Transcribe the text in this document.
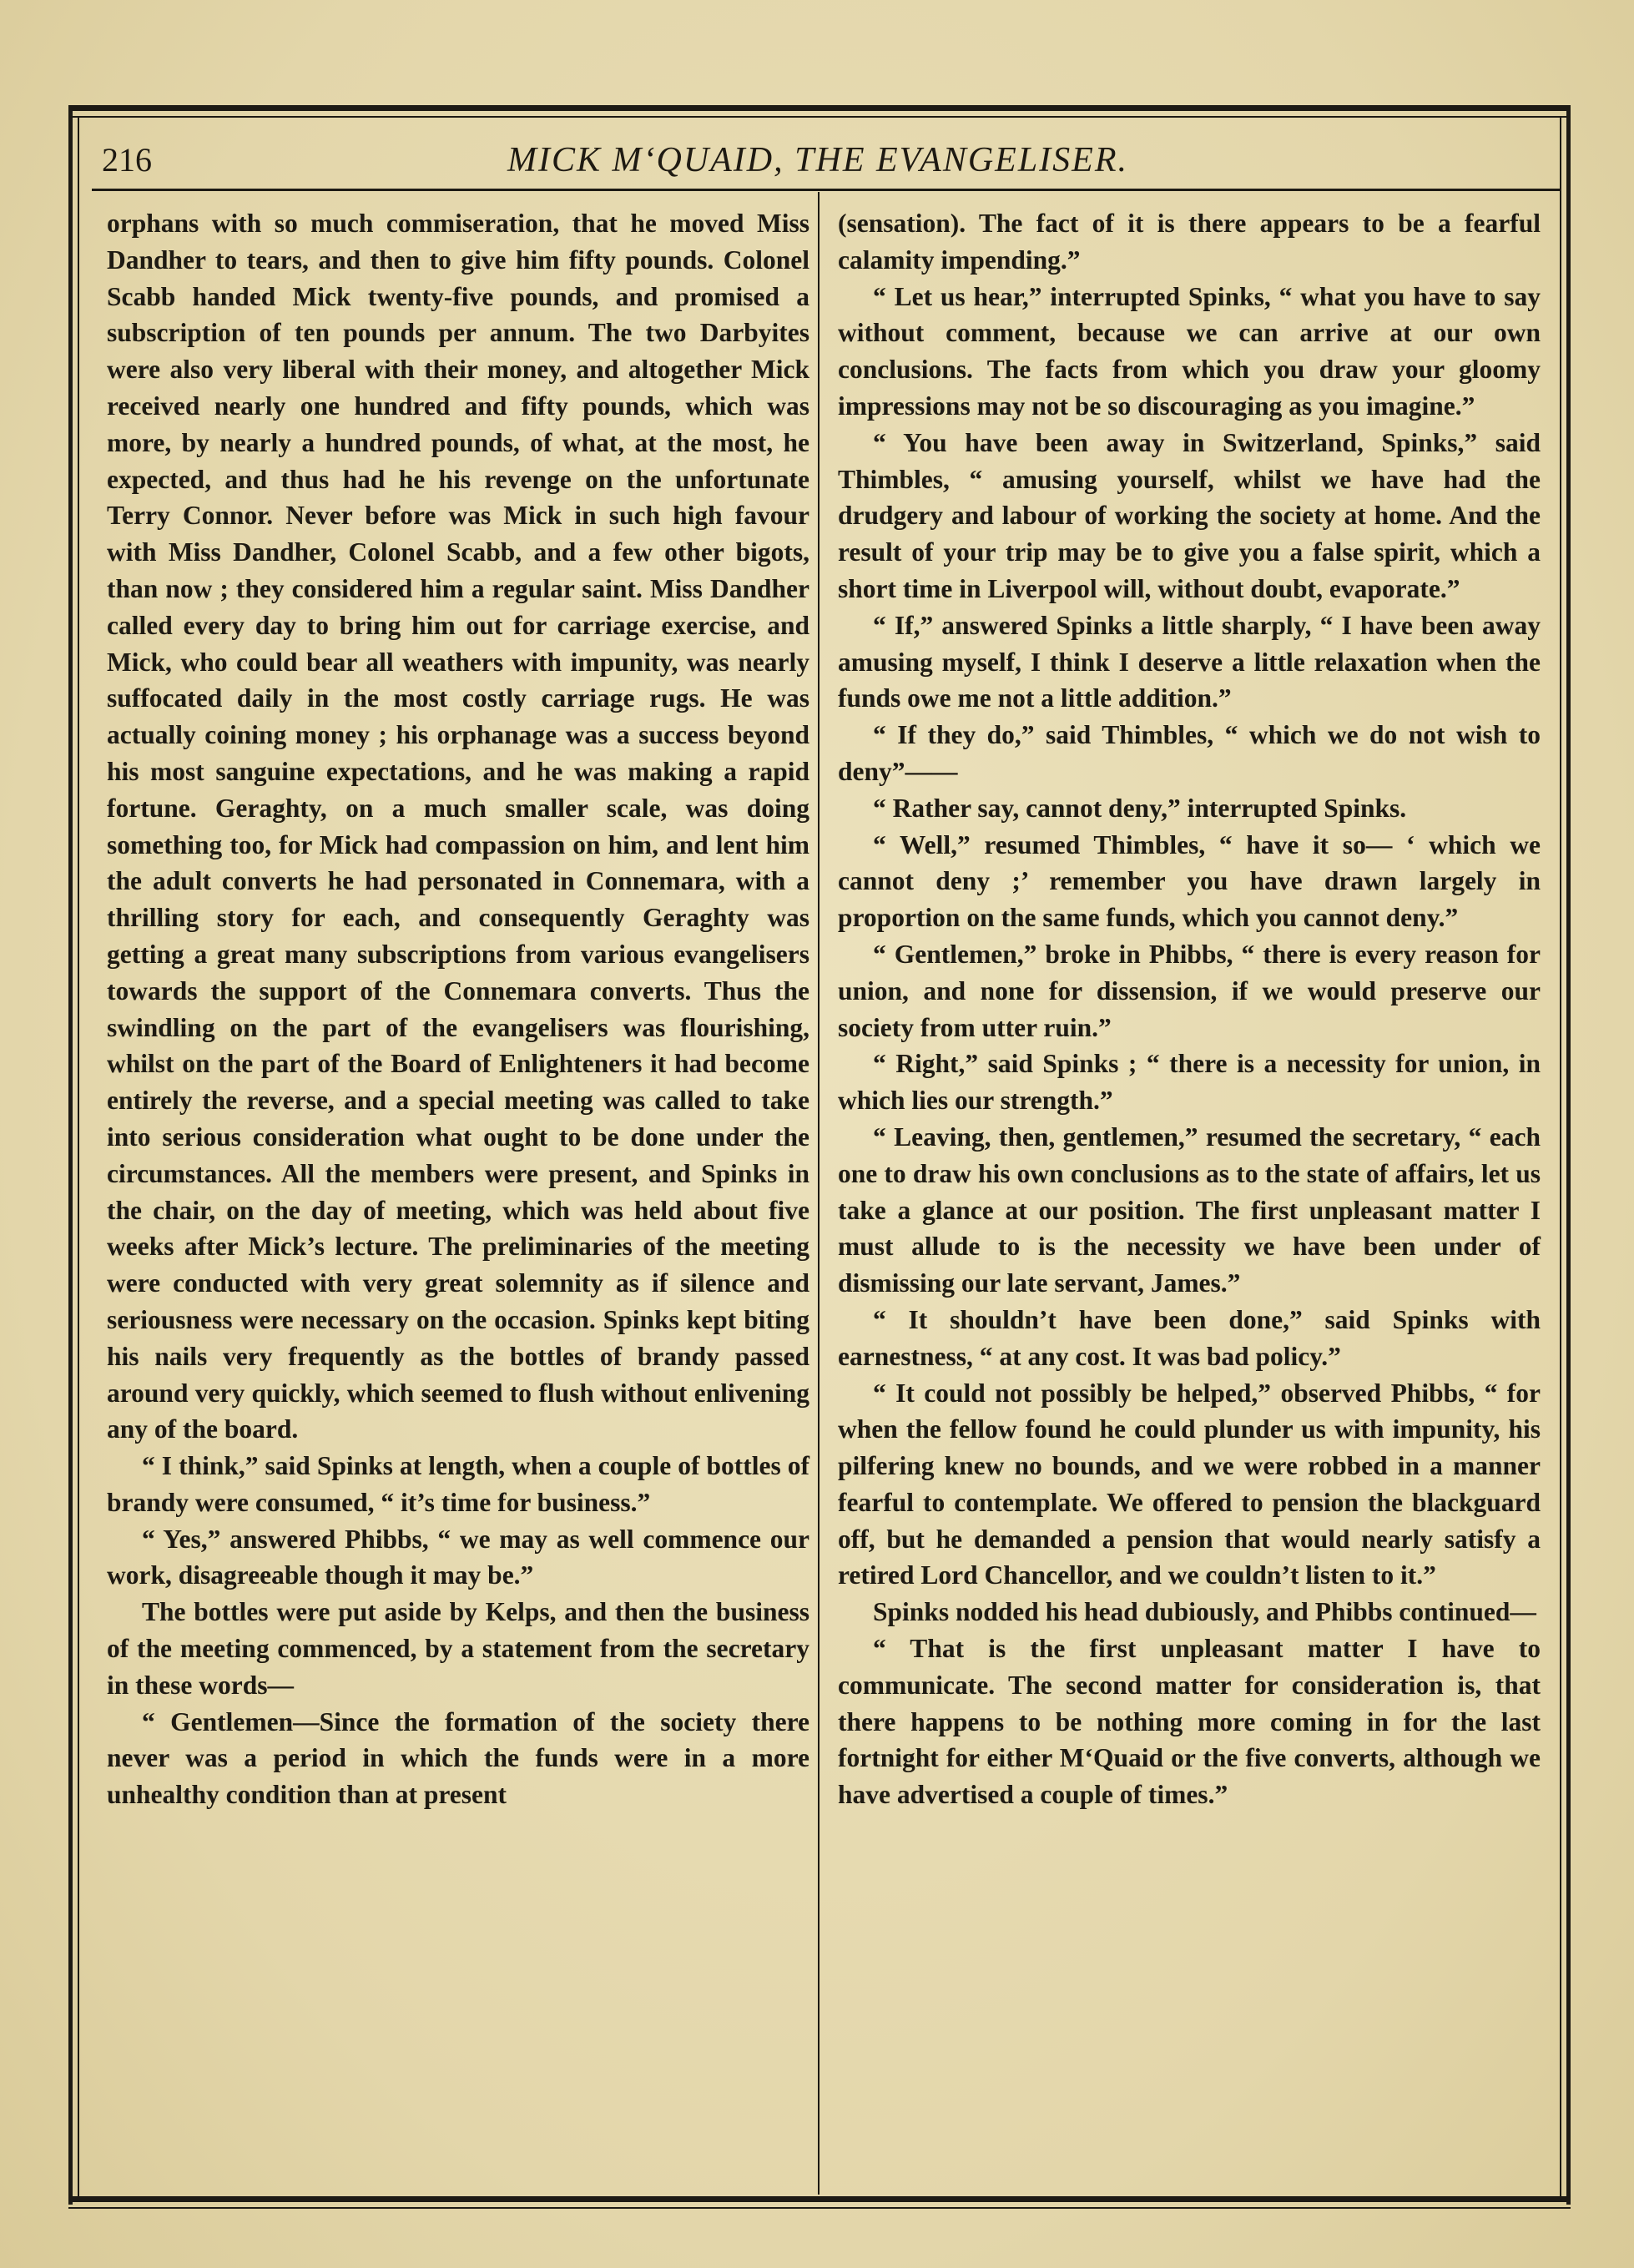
216	MICK M‘QUAID, THE EVANGELISER.

orphans with so much commiseration, that he moved Miss Dandher to tears, and then to give him fifty pounds. Colonel Scabb handed Mick twenty-five pounds, and promised a subscription of ten pounds per annum. The two Darbyites were also very liberal with their money, and altogether Mick received nearly one hundred and fifty pounds, which was more, by nearly a hundred pounds, of what, at the most, he expected, and thus had he his revenge on the unfortunate Terry Connor. Never before was Mick in such high favour with Miss Dandher, Colonel Scabb, and a few other bigots, than now ; they considered him a regular saint. Miss Dandher called every day to bring him out for carriage exercise, and Mick, who could bear all weathers with impunity, was nearly suffocated daily in the most costly carriage rugs. He was actually coining money ; his orphanage was a success beyond his most sanguine expectations, and he was making a rapid fortune. Geraghty, on a much smaller scale, was doing something too, for Mick had compassion on him, and lent him the adult converts he had personated in Connemara, with a thrilling story for each, and consequently Geraghty was getting a great many subscriptions from various evangelisers towards the support of the Connemara converts. Thus the swindling on the part of the evangelisers was flourishing, whilst on the part of the Board of Enlighteners it had become entirely the reverse, and a special meeting was called to take into serious consideration what ought to be done under the circumstances. All the members were present, and Spinks in the chair, on the day of meeting, which was held about five weeks after Mick’s lecture. The preliminaries of the meeting were conducted with very great solemnity as if silence and seriousness were necessary on the occasion. Spinks kept biting his nails very frequently as the bottles of brandy passed around very quickly, which seemed to flush without enlivening any of the board.

“ I think,” said Spinks at length, when a couple of bottles of brandy were consumed, “ it’s time for business.”

“ Yes,” answered Phibbs, “ we may as well commence our work, disagreeable though it may be.”

The bottles were put aside by Kelps, and then the business of the meeting commenced, by a statement from the secretary in these words—

“ Gentlemen—Since the formation of the society there never was a period in which the funds were in a more unhealthy condition than at present

(sensation). The fact of it is there appears to be a fearful calamity impending.”

“ Let us hear,” interrupted Spinks, “ what you have to say without comment, because we can arrive at our own conclusions. The facts from which you draw your gloomy impressions may not be so discouraging as you imagine.”

“ You have been away in Switzerland, Spinks,” said Thimbles, “ amusing yourself, whilst we have had the drudgery and labour of working the society at home. And the result of your trip may be to give you a false spirit, which a short time in Liverpool will, without doubt, evaporate.”

“ If,” answered Spinks a little sharply, “ I have been away amusing myself, I think I deserve a little relaxation when the funds owe me not a little addition.”

“ If they do,” said Thimbles, “ which we do not wish to deny”——

“ Rather say, cannot deny,” interrupted Spinks.

“ Well,” resumed Thimbles, “ have it so— ‘ which we cannot deny ;’ remember you have drawn largely in proportion on the same funds, which you cannot deny.”

“ Gentlemen,” broke in Phibbs, “ there is every reason for union, and none for dissension, if we would preserve our society from utter ruin.”

“ Right,” said Spinks ; “ there is a necessity for union, in which lies our strength.”

“ Leaving, then, gentlemen,” resumed the secretary, “ each one to draw his own conclusions as to the state of affairs, let us take a glance at our position. The first unpleasant matter I must allude to is the necessity we have been under of dismissing our late servant, James.”

“ It shouldn’t have been done,” said Spinks with earnestness, “ at any cost. It was bad policy.”

“ It could not possibly be helped,” observed Phibbs, “ for when the fellow found he could plunder us with impunity, his pilfering knew no bounds, and we were robbed in a manner fearful to contemplate. We offered to pension the blackguard off, but he demanded a pension that would nearly satisfy a retired Lord Chancellor, and we couldn’t listen to it.”

Spinks nodded his head dubiously, and Phibbs continued—

“ That is the first unpleasant matter I have to communicate. The second matter for consideration is, that there happens to be nothing more coming in for the last fortnight for either M‘Quaid or the five converts, although we have advertised a couple of times.”
